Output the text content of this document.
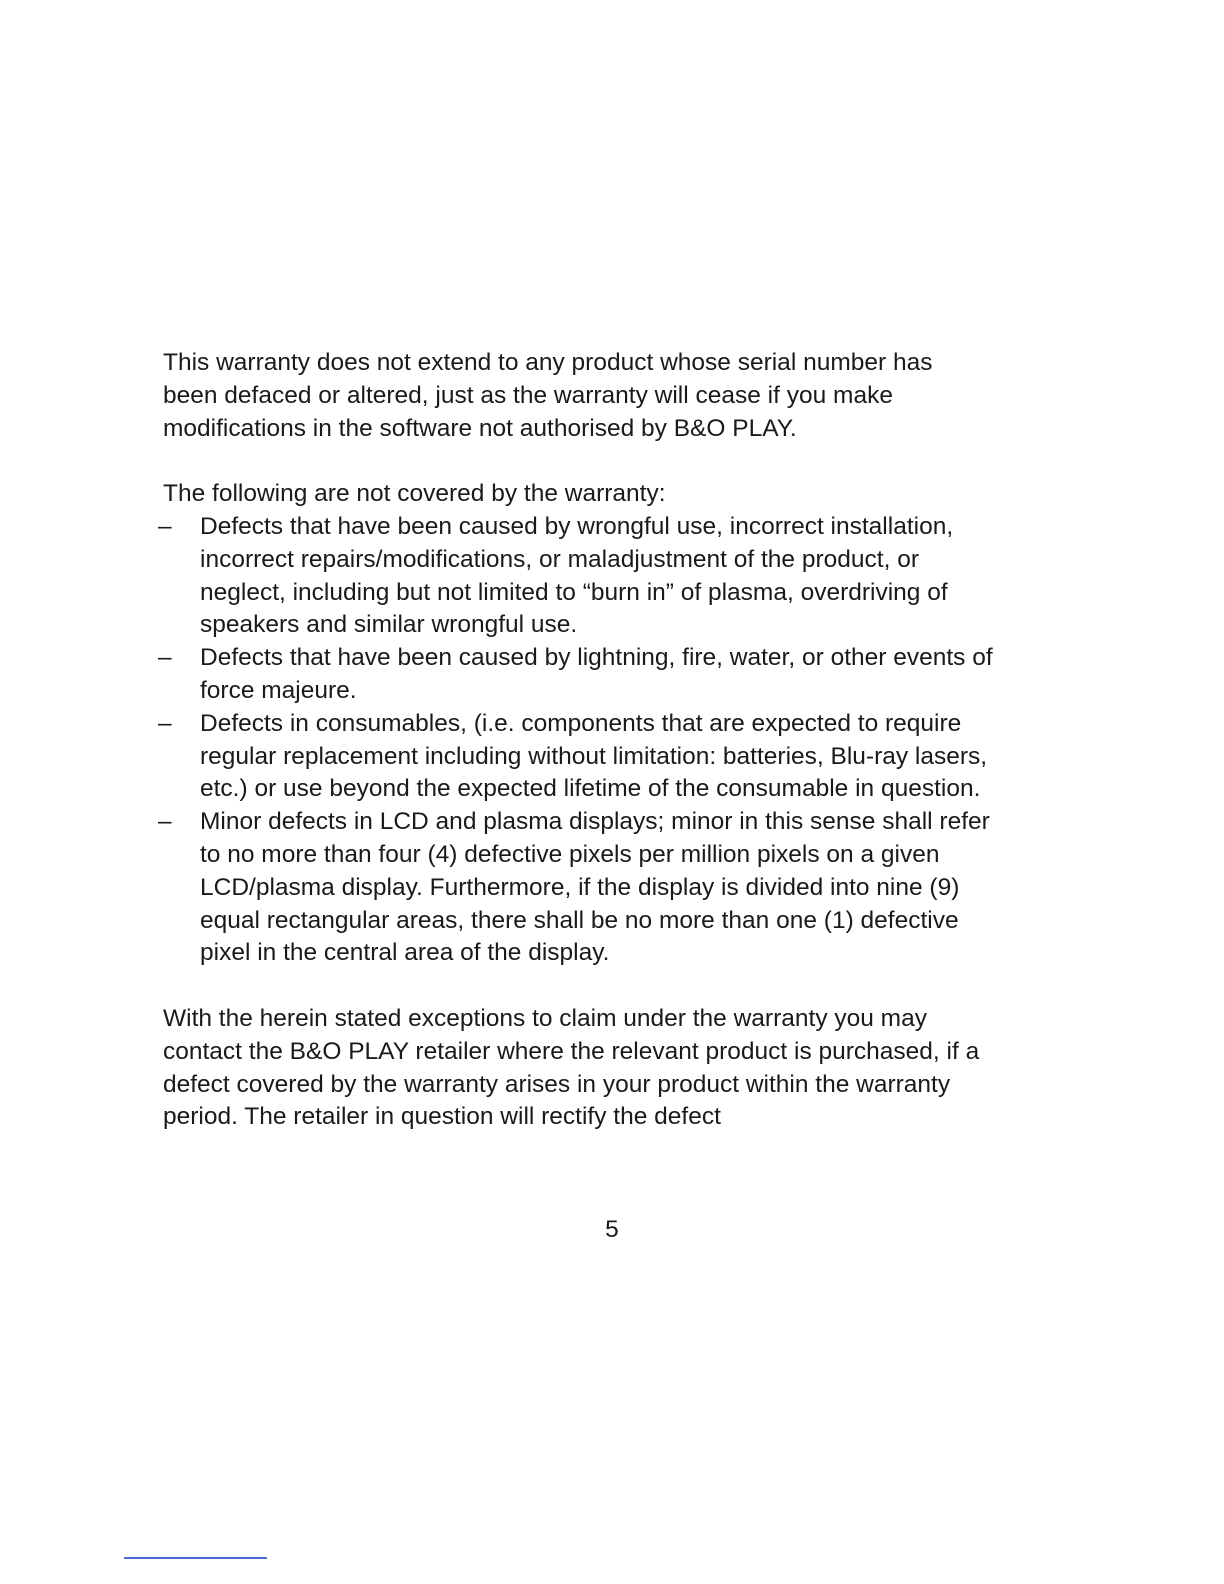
This warranty does not extend to any product whose serial number has been defaced or altered, just as the warranty will cease if you make modifications in the software not authorised by B&O PLAY.

The following are not covered by the warranty:

– Defects that have been caused by wrongful use, incorrect installation, incorrect repairs/modifications, or maladjustment of the product, or neglect, including but not limited to “burn in” of plasma, overdriving of speakers and similar wrongful use.
– Defects that have been caused by lightning, fire, water, or other events of force majeure.
– Defects in consumables, (i.e. components that are expected to require regular replacement including without limitation: batteries, Blu-ray lasers, etc.) or use beyond the expected lifetime of the consumable in question.
– Minor defects in LCD and plasma displays; minor in this sense shall refer to no more than four (4) defective pixels per million pixels on a given LCD/plasma display. Furthermore, if the display is divided into nine (9) equal rectangular areas, there shall be no more than one (1) defective pixel in the central area of the display.

With the herein stated exceptions to claim under the warranty you may contact the B&O PLAY retailer where the relevant product is purchased, if a defect covered by the warranty arises in your product within the warranty period. The retailer in question will rectify the defect

5
